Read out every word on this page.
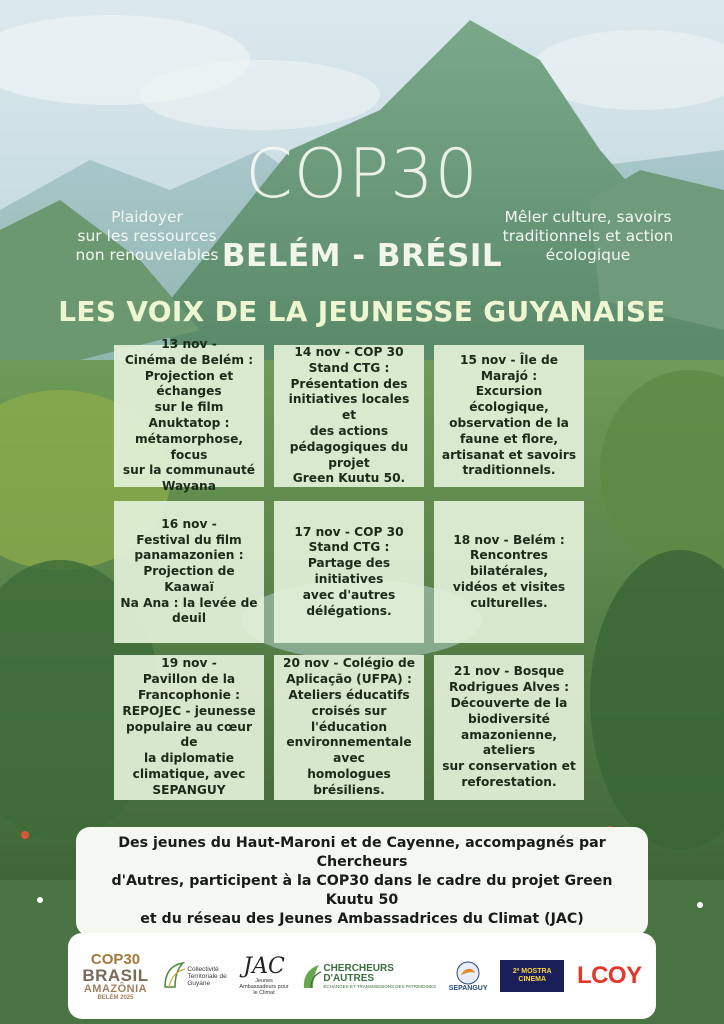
COP30
Plaidoyer
sur les ressources
non renouvelables
Mêler culture, savoirs
traditionnels et action
écologique
BELÉM - BRÉSIL
LES VOIX DE LA JEUNESSE GUYANAISE
13 nov -
Cinéma de Belém :
Projection et échanges
sur le film Anuktatop :
métamorphose, focus
sur la communauté
Wayana
14 nov - COP 30
Stand CTG :
Présentation des
initiatives locales et
des actions
pédagogiques du
projet
Green Kuutu 50.
15 nov - Île de Marajó :
Excursion écologique,
observation de la
faune et flore,
artisanat et savoirs
traditionnels.
16 nov -
Festival du film
panamazonien :
Projection de Kaawaï
Na Ana : la levée de
deuil
17 nov - COP 30
Stand CTG :
Partage des initiatives
avec d'autres
délégations.
18 nov - Belém :
Rencontres bilatérales,
vidéos et visites
culturelles.
19 nov -
Pavillon de la
Francophonie :
REPOJEC - jeunesse
populaire au cœur de
la diplomatie
climatique, avec
SEPANGUY
20 nov - Colégio de
Aplicação (UFPA) :
Ateliers éducatifs
croisés sur l'éducation
environnementale avec
homologues brésiliens.
21 nov - Bosque
Rodrigues Alves :
Découverte de la
biodiversité
amazonienne, ateliers
sur conservation et
reforestation.
Des jeunes du Haut-Maroni et de Cayenne, accompagnés par Chercheurs
d'Autres, participent à la COP30 dans le cadre du projet Green Kuutu 50
et du réseau des Jeunes Ambassadrices du Climat (JAC)
COP30
BRASIL
AMAZÔNIA
BELÉM 2025
Collectivité
Territoriale de
Guyane
JAC
Jeunes
Ambassadeurs pour
le Climat
CHERCHEURS
D'AUTRES
ÉCHANGES ET TRANSMISSIONS DES PATRIMOINES SEPANGUY
2ª MOSTRA
CINEMA LCOY
